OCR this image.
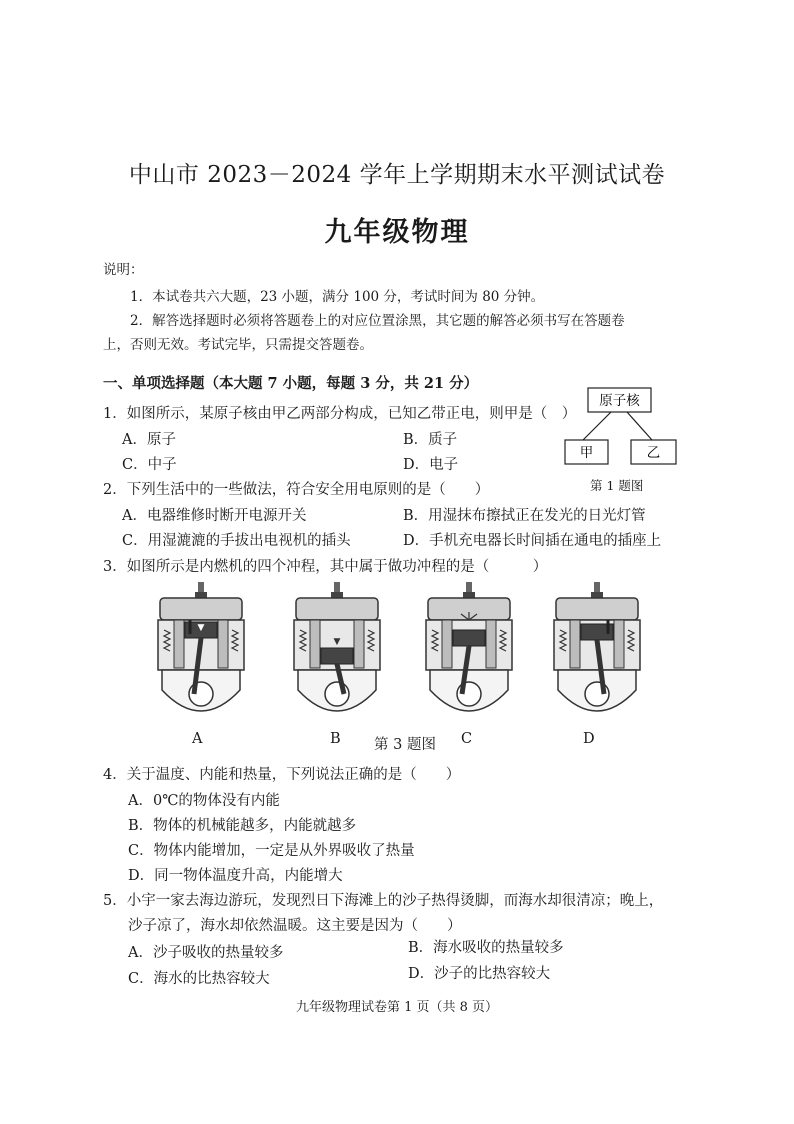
中山市 2023－2024 学年上学期期末水平测试试卷
九年级物理
说明：
1．本试卷共六大题，23 小题，满分 100 分，考试时间为 80 分钟。
2．解答选择题时必须将答题卷上的对应位置涂黑，其它题的解答必须书写在答题卷
上，否则无效。考试完毕，只需提交答题卷。
一、单项选择题（本大题 7 小题，每题 3 分，共 21 分）
1．如图所示，某原子核由甲乙两部分构成，已知乙带正电，则甲是（　）
A．原子	B．质子
C．中子	D．电子
原子核
甲	乙
第 1 题图
2．下列生活中的一些做法，符合安全用电原则的是（　　）
A．电器维修时断开电源开关	B．用湿抹布擦拭正在发光的日光灯管
C．用湿漉漉的手拔出电视机的插头	D．手机充电器长时间插在通电的插座上
3．如图所示是内燃机的四个冲程，其中属于做功冲程的是（　　　）
▼
▼
A	B 第 3 题图 C	D
4．关于温度、内能和热量，下列说法正确的是（　　）
A．0℃的物体没有内能
B．物体的机械能越多，内能就越多
C．物体内能增加，一定是从外界吸收了热量
D．同一物体温度升高，内能增大
5．小宇一家去海边游玩，发现烈日下海滩上的沙子热得烫脚，而海水却很清凉；晚上，
沙子凉了，海水却依然温暖。这主要是因为（　　）
A．沙子吸收的热量较多	B．海水吸收的热量较多
C．海水的比热容较大	D．沙子的比热容较大
九年级物理试卷第 1 页（共 8 页）
